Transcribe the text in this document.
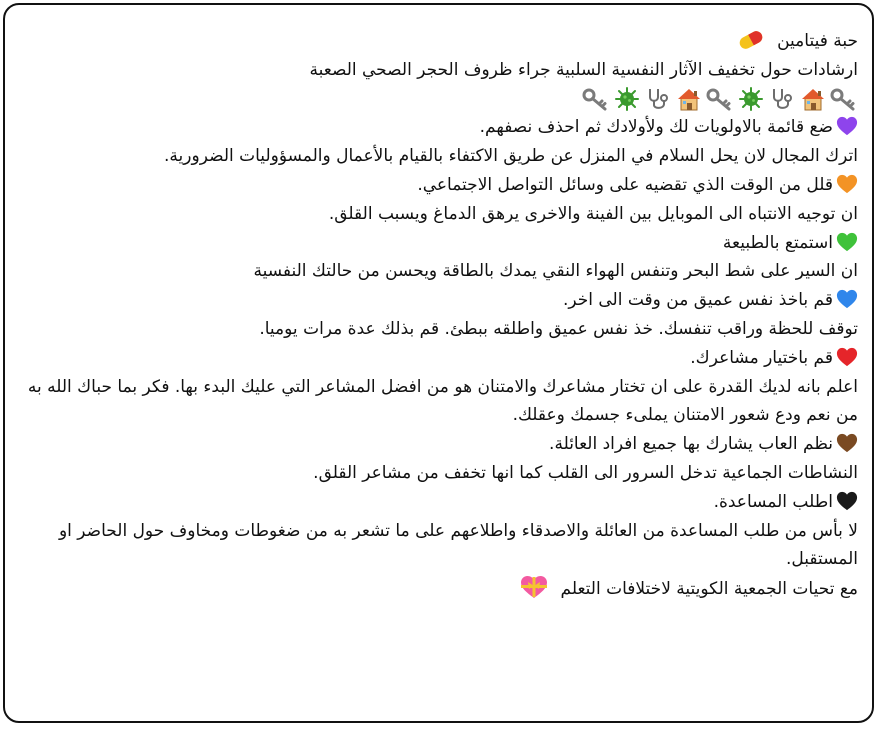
حبة فيتامين
ارشادات حول تخفيف الآثار النفسية السلبية جراء ظروف الحجر الصحي الصعبة
ضع قائمة بالاولويات لك ولأولادك ثم احذف نصفهم.
اترك المجال لان يحل السلام في المنزل عن طريق الاكتفاء بالقيام بالأعمال والمسؤوليات الضرورية.
قلل من الوقت الذي تقضيه على وسائل التواصل الاجتماعي.
ان توجيه الانتباه الى الموبايل بين الفينة والاخرى يرهق الدماغ ويسبب القلق.
استمتع بالطبيعة
ان السير على شط البحر وتنفس الهواء النقي يمدك بالطاقة ويحسن من حالتك النفسية
قم باخذ نفس عميق من وقت الى اخر.
توقف للحظة وراقب تنفسك. خذ نفس عميق واطلقه ببطئ. قم بذلك عدة مرات يوميا.
قم باختيار مشاعرك.
اعلم بانه لديك القدرة على ان تختار مشاعرك والامتنان هو من افضل المشاعر التي عليك البدء بها. فكر بما حباك الله به من نعم ودع شعور الامتنان يملىء جسمك وعقلك.
نظم العاب يشارك بها جميع افراد العائلة.
النشاطات الجماعية تدخل السرور الى القلب كما انها تخفف من مشاعر القلق.
اطلب المساعدة.
لا بأس من طلب المساعدة من العائلة والاصدقاء واطلاعهم على ما تشعر به من ضغوطات ومخاوف حول الحاضر او المستقبل.
مع تحيات الجمعية الكويتية لاختلافات التعلم
